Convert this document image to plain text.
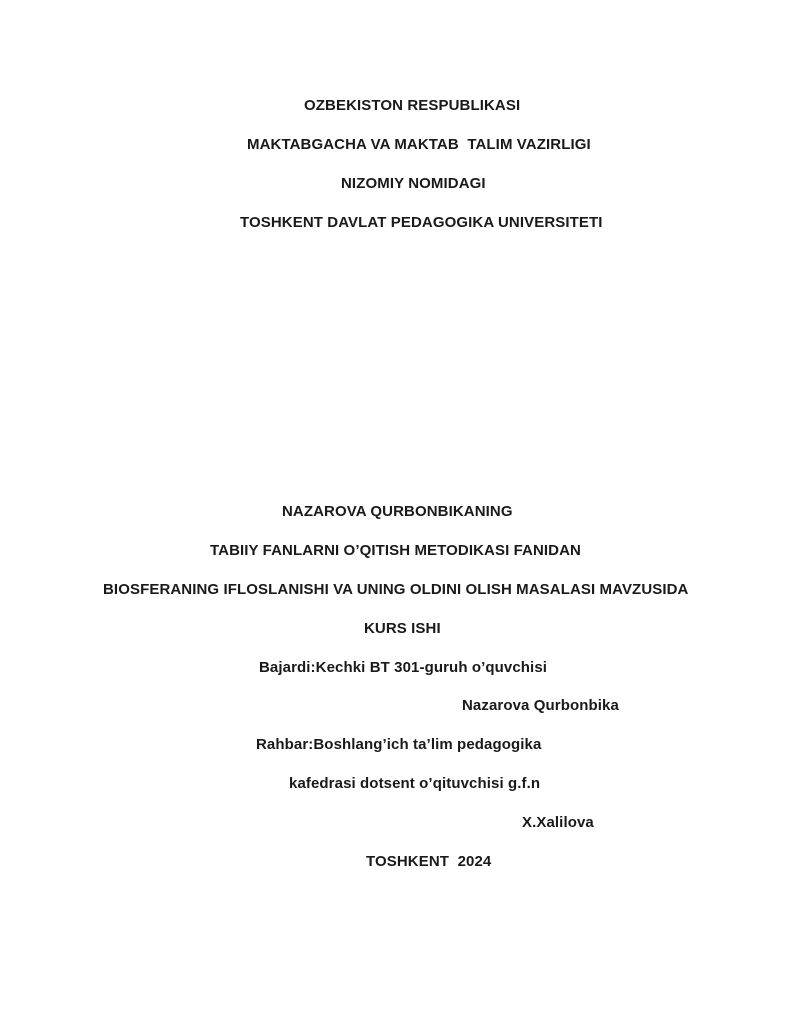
OZBEKISTON RESPUBLIKASI
MAKTABGACHA VA MAKTAB  TALIM VAZIRLIGI
NIZOMIY NOMIDAGI
TOSHKENT DAVLAT PEDAGOGIKA UNIVERSITETI
NAZAROVA QURBONBIKANING
TABIIY FANLARNI O’QITISH METODIKASI FANIDAN
BIOSFERANING IFLOSLANISHI VA UNING OLDINI OLISH MASALASI MAVZUSIDA
KURS ISHI
Bajardi:Kechki BT 301-guruh o’quvchisi
Nazarova Qurbonbika
Rahbar:Boshlang’ich ta’lim pedagogika
kafedrasi dotsent o’qituvchisi g.f.n
X.Xalilova
TOSHKENT  2024
